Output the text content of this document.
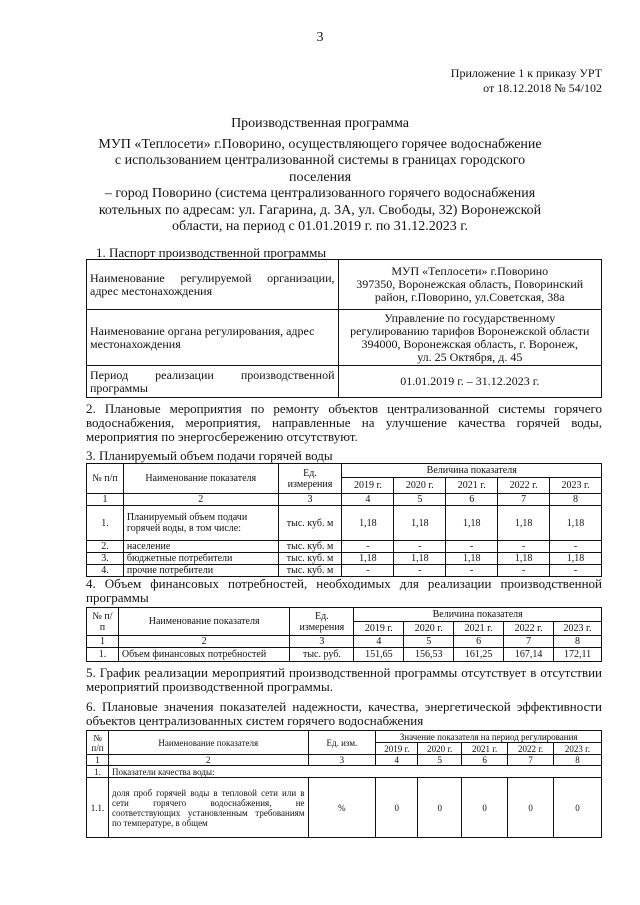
3
Приложение 1 к приказу УРТ
от 18.12.2018 № 54/102
Производственная программа
МУП «Теплосети» г.Поворино, осуществляющего горячее водоснабжение
с использованием централизованной системы в границах городского поселения
– город Поворино (система централизованного горячего водоснабжения
котельных по адресам: ул. Гагарина, д. 3А, ул. Свободы, 32) Воронежской
области, на период с 01.01.2019 г. по 31.12.2023 г.
1. Паспорт производственной программы
Наименование регулируемой организации, адрес местонахождения	МУП «Теплосети» г.Поворино
397350, Воронежская область, Поворинский
район, г.Поворино, ул.Советская, 38а

Наименование органа регулирования, адрес местонахождения	Управление по государственному
регулированию тарифов Воронежской области
394000, Воронежская область, г. Воронеж,
ул. 25 Октября, д. 45

Период реализации производственной программы	01.01.2019 г. – 31.12.2023 г.
2. Плановые мероприятия по ремонту объектов централизованной системы горячего водоснабжения, мероприятия, направленные на улучшение качества горячей воды, мероприятия по энергосбережению отсутствуют.
3. Планируемый объем подачи горячей воды
№ п/п	Наименование показателя	Ед. измерения	Величина показателя				
			2019 г.	2020 г.	2021 г.	2022 г.	2023 г.
1	2	3	4	5	6	7	8
1.	Планируемый объем подачи горячей воды, в том числе:	тыс. куб. м	1,18	1,18	1,18	1,18	1,18
2.	население	тыс. куб. м	-	-	-	-	-
3.	бюджетные потребители	тыс. куб. м	1,18	1,18	1,18	1,18	1,18
4.	прочие потребители	тыс. куб. м	-	-	-	-	-
4. Объем финансовых потребностей, необходимых для реализации производственной программы
№ п/п	Наименование показателя	Ед. измерения	Величина показателя				
			2019 г.	2020 г.	2021 г.	2022 г.	2023 г.
1	2	3	4	5	6	7	8
1.	Объем финансовых потребностей	тыс. руб.	151,65	156,53	161,25	167,14	172,11
5. График реализации мероприятий производственной программы отсутствует в отсутствии мероприятий производственной программы.
6. Плановые значения показателей надежности, качества, энергетической эффективности объектов централизованных систем горячего водоснабжения
№ п/п	Наименование показателя	Ед. изм.	Значение показателя на период регулирования				
			2019 г.	2020 г.	2021 г.	2022 г.	2023 г.
1	2	3	4	5	6	7	8
1.	Показатели качества воды:						
1.1.	доля проб горячей воды в тепловой сети или в сети горячего водоснабжения, не соответствующих установленным требованиям по температуре, в общем	%	0	0	0	0	0
